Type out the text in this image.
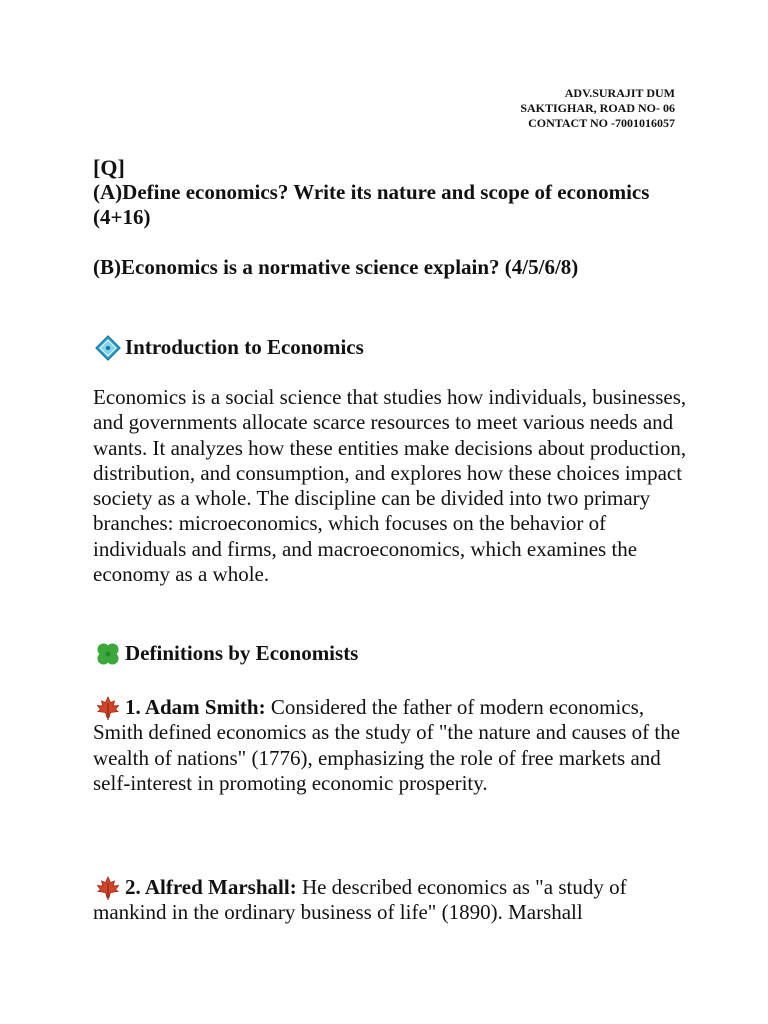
ADV.SURAJIT DUM
SAKTIGHAR, ROAD NO- 06
CONTACT NO -7001016057
[Q]
(A)Define economics? Write its nature and scope of economics (4+16)
(B)Economics is a normative science explain? (4/5/6/8)
Introduction to Economics
Economics is a social science that studies how individuals, businesses, and governments allocate scarce resources to meet various needs and wants. It analyzes how these entities make decisions about production, distribution, and consumption, and explores how these choices impact society as a whole. The discipline can be divided into two primary branches: microeconomics, which focuses on the behavior of individuals and firms, and macroeconomics, which examines the economy as a whole.
Definitions by Economists
1. Adam Smith: Considered the father of modern economics, Smith defined economics as the study of "the nature and causes of the wealth of nations" (1776), emphasizing the role of free markets and self-interest in promoting economic prosperity.
2. Alfred Marshall: He described economics as "a study of mankind in the ordinary business of life" (1890). Marshall
